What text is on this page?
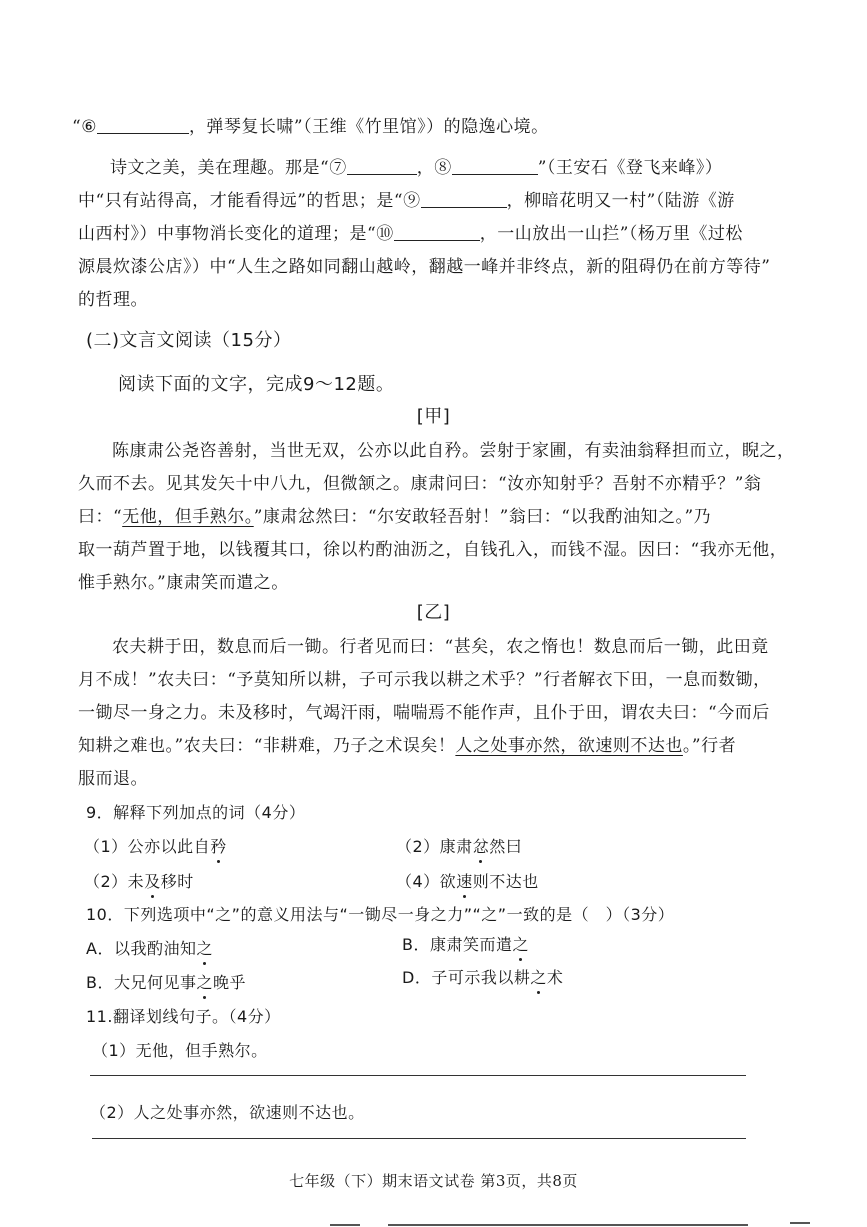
“⑥	，弹琴复长啸”（王维《竹里馆》）的隐逸心境。
诗文之美，美在理趣。那是“⑦	，⑧	”（王安石《登飞来峰》）
中“只有站得高，才能看得远”的哲思；是“⑨	，柳暗花明又一村”（陆游《游
山西村》）中事物消长变化的道理；是“⑩	，一山放出一山拦”（杨万里《过松
源晨炊漆公店》）中“人生之路如同翻山越岭，翻越一峰并非终点，新的阻碍仍在前方等待”
的哲理。
(二)文言文阅读（15分）
阅读下面的文字，完成9～12题。
[甲]
陈康肃公尧咨善射，当世无双，公亦以此自矜。尝射于家圃，有卖油翁释担而立，睨之，
久而不去。见其发矢十中八九，但微颔之。康肃问曰：“汝亦知射乎？吾射不亦精乎？”翁
曰：“无他，但手熟尔。”康肃忿然曰：“尔安敢轻吾射！”翁曰：“以我酌油知之。”乃
取一葫芦置于地，以钱覆其口，徐以杓酌油沥之，自钱孔入，而钱不湿。因曰：“我亦无他，
惟手熟尔。”康肃笑而遣之。
[乙]
农夫耕于田，数息而后一锄。行者见而曰：“甚矣，农之惰也！数息而后一锄，此田竟
月不成！”农夫曰：“予莫知所以耕，子可示我以耕之术乎？”行者解衣下田，一息而数锄，
一锄尽一身之力。未及移时，气竭汗雨，喘喘焉不能作声，且仆于田，谓农夫曰：“今而后
知耕之难也。”农夫曰：“非耕难，乃子之术误矣！人之处事亦然，欲速则不达也。”行者
服而退。
9．解释下列加点的词（4分）
（1）公亦以此自矜	（2）康肃忿然曰
（2）未及移时	（4）欲速则不达也
10．下列选项中“之”的意义用法与“一锄尽一身之力”“之”一致的是（　）（3分）
A．以我酌油知之	B．康肃笑而遣之
B．大兄何见事之晚乎	D．子可示我以耕之术
11.翻译划线句子。（4分）
（1）无他，但手熟尔。
（2）人之处事亦然，欲速则不达也。
七年级（下）期末语文试卷 第3页，共8页
